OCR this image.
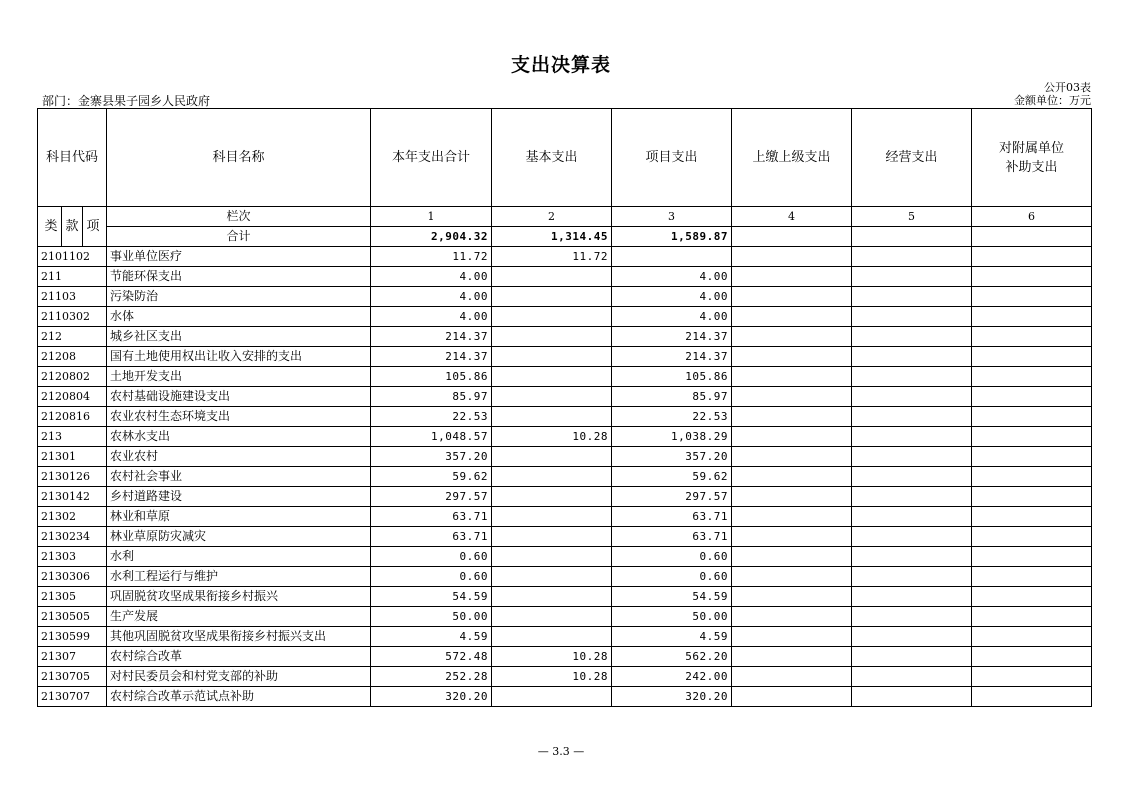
支出决算表
公开03表
部门：金寨县果子园乡人民政府	金额单位：万元
科目代码	科目名称	本年支出合计	基本支出	项目支出	上缴上级支出	经营支出	对附属单位
补助支出

类 款 项	栏次	1	2	3	4	5	6
	合计	2,904.32	1,314.45	1,589.87			
2101102	事业单位医疗	11.72	11.72				
211	节能环保支出	4.00		4.00			
21103	污染防治	4.00		4.00			
2110302	水体	4.00		4.00			
212	城乡社区支出	214.37		214.37			
21208	国有土地使用权出让收入安排的支出	214.37		214.37			
2120802	土地开发支出	105.86		105.86			
2120804	农村基础设施建设支出	85.97		85.97			
2120816	农业农村生态环境支出	22.53		22.53			
213	农林水支出	1,048.57	10.28	1,038.29			
21301	农业农村	357.20		357.20			
2130126	农村社会事业	59.62		59.62			
2130142	乡村道路建设	297.57		297.57			
21302	林业和草原	63.71		63.71			
2130234	林业草原防灾减灾	63.71		63.71			
21303	水利	0.60		0.60			
2130306	水利工程运行与维护	0.60		0.60			
21305	巩固脱贫攻坚成果衔接乡村振兴	54.59		54.59			
2130505	生产发展	50.00		50.00			
2130599	其他巩固脱贫攻坚成果衔接乡村振兴支出	4.59		4.59			
21307	农村综合改革	572.48	10.28	562.20			
2130705	对村民委员会和村党支部的补助	252.28	10.28	242.00			
2130707	农村综合改革示范试点补助	320.20		320.20			
— 3.3 —
